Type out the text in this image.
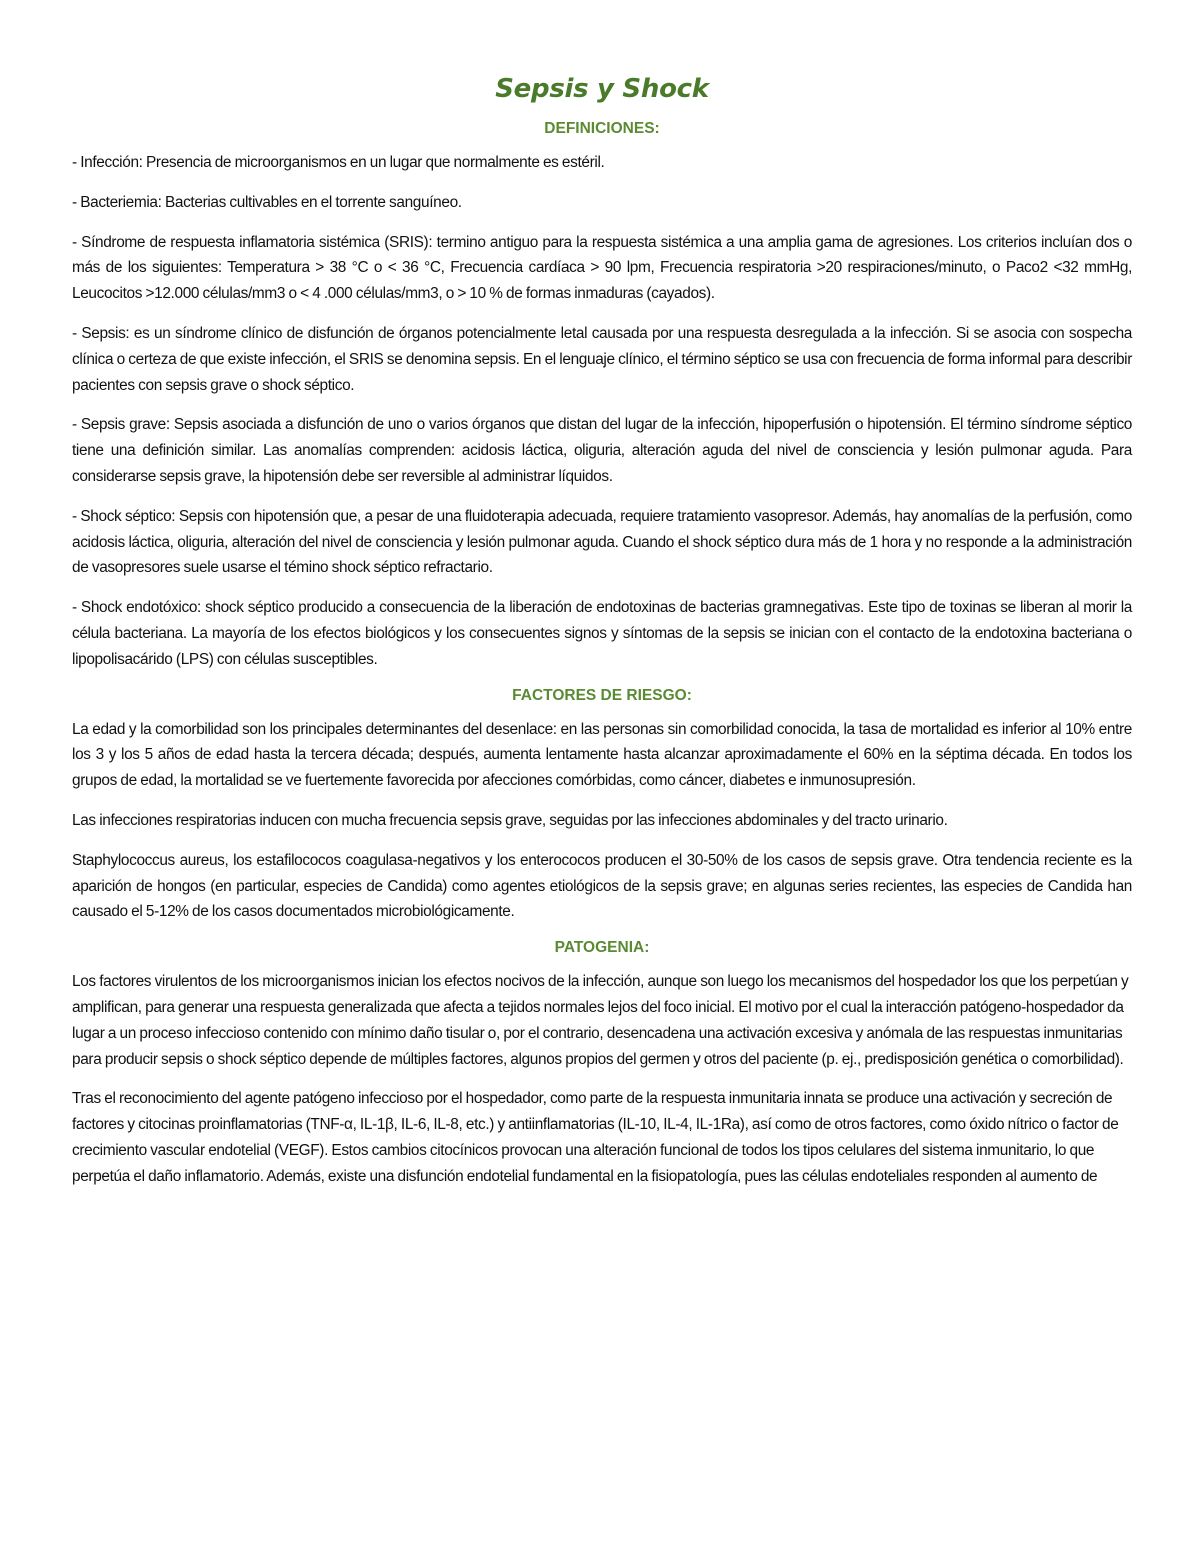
Sepsis y Shock
DEFINICIONES:

- Infección: Presencia de microorganismos en un lugar que normalmente es estéril.

- Bacteriemia: Bacterias cultivables en el torrente sanguíneo.

- Síndrome de respuesta inflamatoria sistémica (SRIS): termino antiguo para la respuesta sistémica a una amplia gama de agresiones. Los criterios incluían dos o más de los siguientes: Temperatura > 38 °C o < 36 °C, Frecuencia cardíaca > 90 lpm, Frecuencia respiratoria >20 respiraciones/minuto, o Paco2 <32 mmHg, Leucocitos >12.000 células/mm3 o < 4 .000 células/mm3, o > 10 % de formas inmaduras (cayados).

- Sepsis: es un síndrome clínico de disfunción de órganos potencialmente letal causada por una respuesta desregulada a la infección. Si se asocia con sospecha clínica o certeza de que existe infección, el SRIS se denomina sepsis. En el lenguaje clínico, el término séptico se usa con frecuencia de forma informal para describir pacientes con sepsis grave o shock séptico.

- Sepsis grave: Sepsis asociada a disfunción de uno o varios órganos que distan del lugar de la infección, hipoperfusión o hipotensión. El término síndrome séptico tiene una definición similar. Las anomalías comprenden: acidosis láctica, oliguria, alteración aguda del nivel de consciencia y lesión pulmonar aguda. Para considerarse sepsis grave, la hipotensión debe ser reversible al administrar líquidos.

- Shock séptico: Sepsis con hipotensión que, a pesar de una fluidoterapia adecuada, requiere tratamiento vasopresor. Además, hay anomalías de la perfusión, como acidosis láctica, oliguria, alteración del nivel de consciencia y lesión pulmonar aguda. Cuando el shock séptico dura más de 1 hora y no responde a la administración de vasopresores suele usarse el témino shock séptico refractario.

- Shock endotóxico: shock séptico producido a consecuencia de la liberación de endotoxinas de bacterias gramnegativas. Este tipo de toxinas se liberan al morir la célula bacteriana. La mayoría de los efectos biológicos y los consecuentes signos y síntomas de la sepsis se inician con el contacto de la endotoxina bacteriana o lipopolisacárido (LPS) con células susceptibles.

FACTORES DE RIESGO:

La edad y la comorbilidad son los principales determinantes del desenlace: en las personas sin comorbilidad conocida, la tasa de mortalidad es inferior al 10% entre los 3 y los 5 años de edad hasta la tercera década; después, aumenta lentamente hasta alcanzar aproximadamente el 60% en la séptima década. En todos los grupos de edad, la mortalidad se ve fuertemente favorecida por afecciones comórbidas, como cáncer, diabetes e inmunosupresión.

Las infecciones respiratorias inducen con mucha frecuencia sepsis grave, seguidas por las infecciones abdominales y del tracto urinario.

Staphylococcus aureus, los estafilococos coagulasa-negativos y los enterococos producen el 30-50% de los casos de sepsis grave. Otra tendencia reciente es la aparición de hongos (en particular, especies de Candida) como agentes etiológicos de la sepsis grave; en algunas series recientes, las especies de Candida han causado el 5-12% de los casos documentados microbiológicamente.

PATOGENIA:

Los factores virulentos de los microorganismos inician los efectos nocivos de la infección, aunque son luego los mecanismos del hospedador los que los perpetúan y amplifican, para generar una respuesta generalizada que afecta a tejidos normales lejos del foco inicial. El motivo por el cual la interacción patógeno-hospedador da lugar a un proceso infeccioso contenido con mínimo daño tisular o, por el contrario, desencadena una activación excesiva y anómala de las respuestas inmunitarias para producir sepsis o shock séptico depende de múltiples factores, algunos propios del germen y otros del paciente (p. ej., predisposición genética o comorbilidad).

Tras el reconocimiento del agente patógeno infeccioso por el hospedador, como parte de la respuesta inmunitaria innata se produce una activación y secreción de factores y citocinas proinflamatorias (TNF-α, IL-1β, IL-6, IL-8, etc.) y antiinflamatorias (IL-10, IL-4, IL-1Ra), así como de otros factores, como óxido nítrico o factor de crecimiento vascular endotelial (VEGF). Estos cambios citocínicos provocan una alteración funcional de todos los tipos celulares del sistema inmunitario, lo que perpetúa el daño inflamatorio. Además, existe una disfunción endotelial fundamental en la fisiopatología, pues las células endoteliales responden al aumento de
